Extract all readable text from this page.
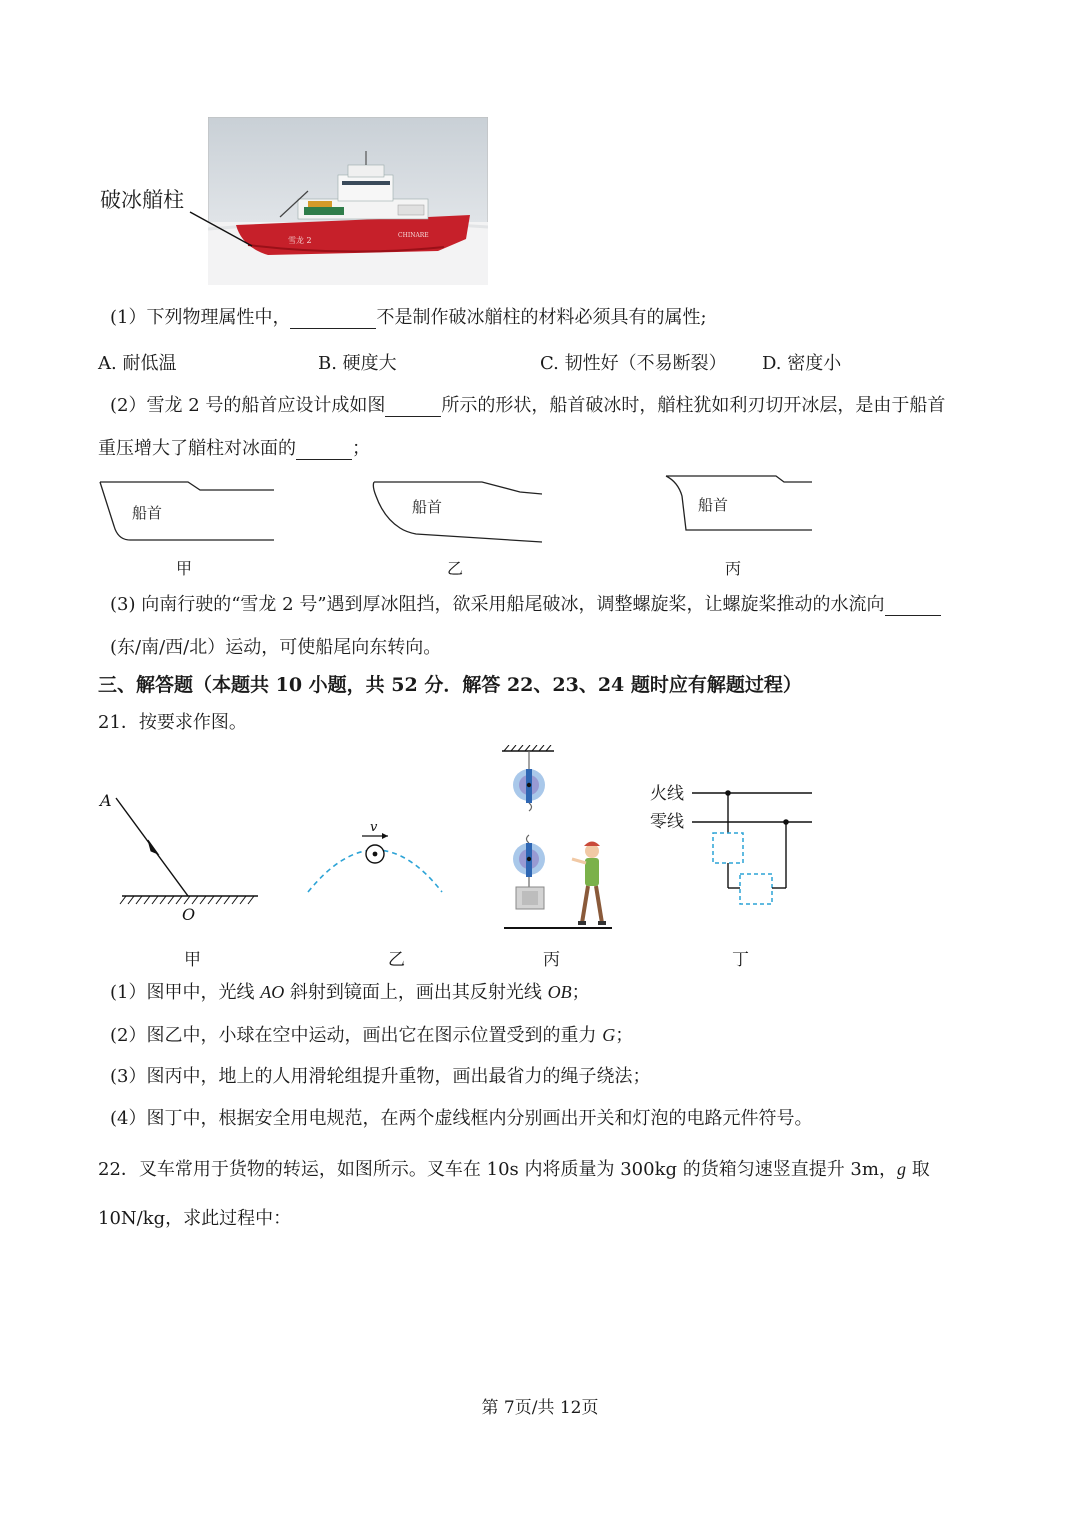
雪龙 2
CHINARE
破冰艏柱
(1）下列物理属性中，	不是制作破冰艏柱的材料必须具有的属性;
A. 耐低温	B. 硬度大	C. 韧性好（不易断裂） D. 密度小
(2）雪龙 2 号的船首应设计成如图	所示的形状，船首破冰时，艏柱犹如利刃切开冰层，是由于船首
重压增大了艏柱对冰面的	；
船首	船首	船首
甲	乙	丙
(3) 向南行驶的“雪龙 2 号”遇到厚冰阻挡，欲采用船尾破冰，调整螺旋桨，让螺旋桨推动的水流向
(东/南/西/北）运动，可使船尾向东转向。
三、解答题（本题共 10 小题，共 52 分．解答 22、23、24 题时应有解题过程）
21．按要求作图。
A
O
v
火线
零线
甲	乙	丙	丁
(1）图甲中，光线 AO 斜射到镜面上，画出其反射光线 OB；
(2）图乙中，小球在空中运动，画出它在图示位置受到的重力 G；
(3）图丙中，地上的人用滑轮组提升重物，画出最省力的绳子绕法；
(4）图丁中，根据安全用电规范，在两个虚线框内分别画出开关和灯泡的电路元件符号。
22．叉车常用于货物的转运，如图所示。叉车在 10s 内将质量为 300kg 的货箱匀速竖直提升 3m，g 取
10N/kg，求此过程中：
第 7页/共 12页
